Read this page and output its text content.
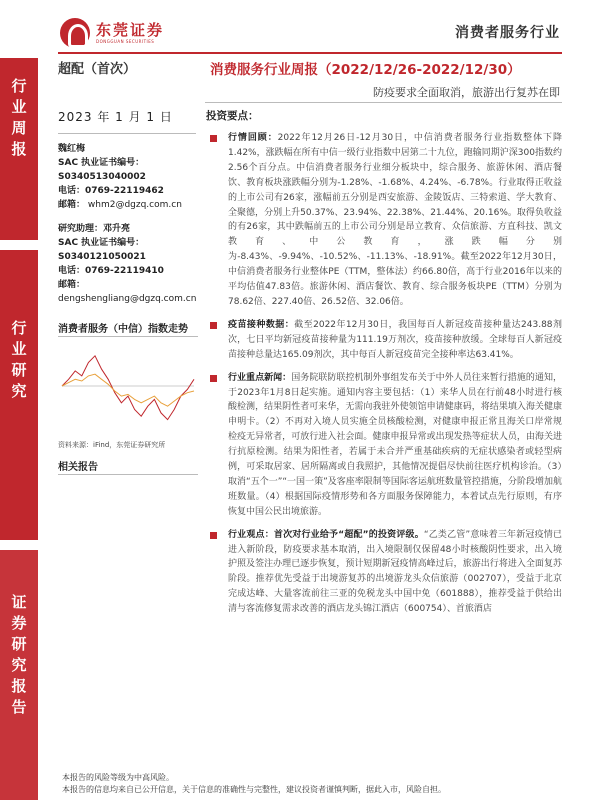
东莞证券
DONGGUAN SECURITIES
消费者服务行业
行
业
周
报
行
业
研
究
证
券
研
究
报
告
超配（首次）	消费服务行业周报（2022/12/26-2022/12/30）
防疫要求全面取消，旅游出行复苏在即
2023 年 1 月 1 日
魏红梅
SAC 执业证书编号：
S0340513040002
电话：0769-22119462
邮箱： whm2@dgzq.com.cn
研究助理：邓升亮
SAC 执业证书编号：
S0340121050021
电话：0769-22119410
邮箱：
dengshengliang@dgzq.com.cn
消费者服务（中信）指数走势
资料来源：iFind，东莞证券研究所
相关报告
投资要点：
行情回顾：2022年12月26日-12月30日，中信消费者服务行业指数整体下降1.42%，涨跌幅在所有中信一级行业指数中居第二十九位，跑输同期沪深300指数约2.56个百分点。中信消费者服务行业细分板块中，综合服务、旅游休闲、酒店餐饮、教育板块涨跌幅分别为-1.28%、-1.68%、4.24%、-6.78%。行业取得正收益的上市公司有26家，涨幅前五分别是西安旅游、金陵饭店、三特索道、学大教育、全聚德，分别上升50.37%、23.94%、22.38%、21.44%、20.16%。取得负收益的有26家，其中跌幅前五的上市公司分别是昂立教育、众信旅游、方直科技、凯文教育、中公教育，涨跌幅分别为-8.43%、-9.94%、-10.52%、-11.13%、-18.91%。截至2022年12月30日，中信消费者服务行业整体PE（TTM，整体法）约66.80倍，高于行业2016年以来的平均估值47.83倍。旅游休闲、酒店餐饮、教育、综合服务板块PE（TTM）分别为78.62倍、227.40倍、26.52倍、32.06倍。
疫苗接种数据：截至2022年12月30日，我国每百人新冠疫苗接种量达243.88剂次，七日平均新冠疫苗接种量为111.19万剂次，疫苗接种放缓。全球每百人新冠疫苗接种总量达165.09剂次，其中每百人新冠疫苗完全接种率达63.41%。
行业重点新闻：国务院联防联控机制外事组发布关于中外人员往来暂行措施的通知，于2023年1月8日起实施。通知内容主要包括：（1）来华人员在行前48小时进行核酸检测，结果阴性者可来华，无需向我驻外使领馆申请健康码，将结果填入海关健康申明卡。（2）不再对入境人员实施全员核酸检测，对健康申报正常且海关口岸常规检疫无异常者，可放行进入社会面。健康申报异常或出现发热等症状人员，由海关进行抗原检测。结果为阳性者，若属于未合并严重基础疾病的无症状感染者或轻型病例，可采取居家、居所隔离或自我照护，其他情况提倡尽快前往医疗机构诊治。（3）取消“五个一”“一国一策”及客座率限制等国际客运航班数量管控措施，分阶段增加航班数量。（4）根据国际疫情形势和各方面服务保障能力，本着试点先行原则，有序恢复中国公民出境旅游。
行业观点：首次对行业给予“超配”的投资评级。“乙类乙管”意味着三年新冠疫情已进入新阶段，防疫要求基本取消，出入境限制仅保留48小时核酸阴性要求，出入境护照及签注办理已逐步恢复，预计短期新冠疫情高峰过后，旅游出行将进入全面复苏阶段。推荐优先受益于出境游复苏的出境游龙头众信旅游（002707），受益于北京完成达峰、大量客流前往三亚的免税龙头中国中免（601888），推荐受益于供给出清与客流修复需求改善的酒店龙头锦江酒店（600754）、首旅酒店
本报告的风险等级为中高风险。
本报告的信息均来自已公开信息，关于信息的准确性与完整性，建议投资者谨慎判断，据此入市，风险自担。
